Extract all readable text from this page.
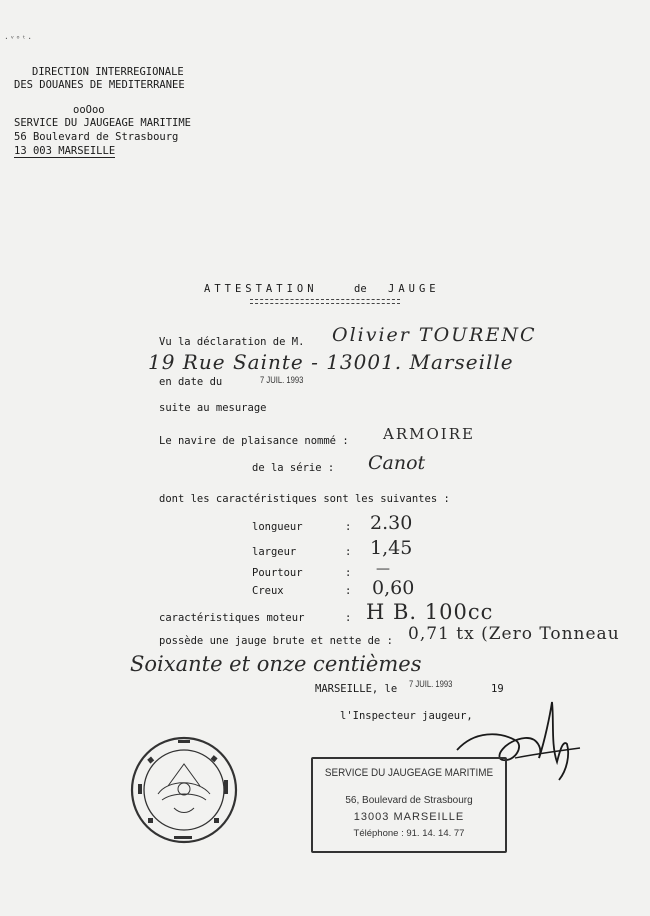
·ᵛᵒᵗ·
DIRECTION INTERREGIONALE
DES DOUANES DE MEDITERRANEE
ooOoo
SERVICE DU JAUGEAGE MARITIME
56 Boulevard de Strasbourg
13 003 MARSEILLE
ATTESTATION	de JAUGE
Vu la déclaration de M. Olivier TOURENC
19 Rue Sainte - 13001. Marseille
en date du	7 JUIL. 1993
suite au mesurage
Le navire de plaisance nommé : ARMOIRE
de la série : Canot
dont les caractéristiques sont les suivantes :
longueur	: 2.30
largeur	: 1,45
Pourtour	: —
Creux	: 0,60
caractéristiques moteur	: H B. 100cc
possède une jauge brute et nette de : 0,71 tx (Zero Tonneau
Soixante et onze centièmes
MARSEILLE, le 7 JUIL. 1993	19
l'Inspecteur jaugeur,
SERVICE DU JAUGEAGE MARITIME
56, Boulevard de Strasbourg
13003 MARSEILLE
Téléphone : 91. 14. 14. 77
